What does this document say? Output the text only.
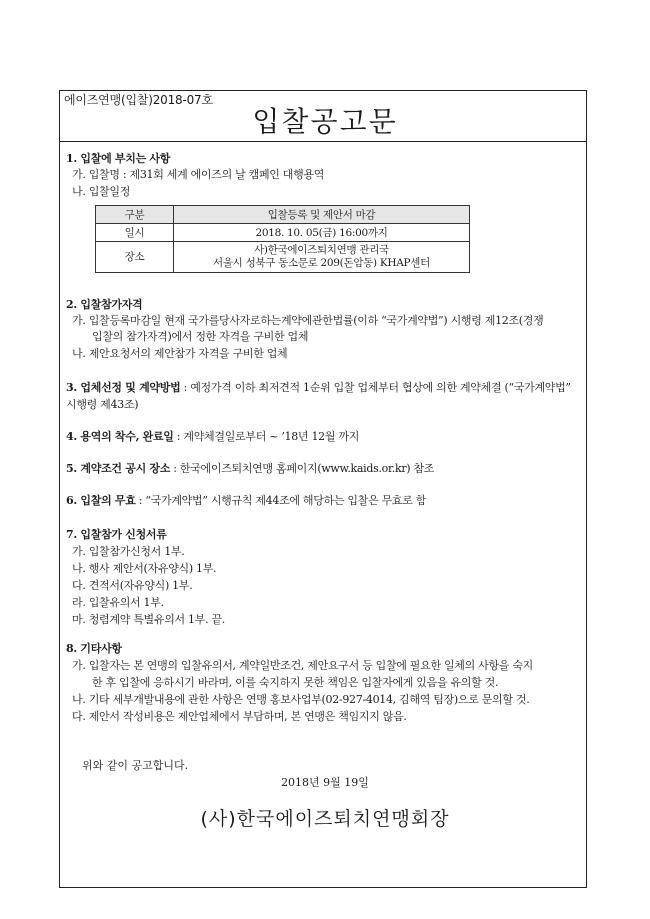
에이즈연맹(입찰)2018-07호
입찰공고문
1. 입찰에 부치는 사항
가. 입찰명 : 제31회 세계 에이즈의 날 캠페인 대행용역
나. 입찰일정
구분	입찰등록 및 제안서 마감
일시	2018. 10. 05(금) 16:00까지
장소	사)한국에이즈퇴치연맹 관리국
서울시 성북구 동소문로 209(돈암동) KHAP센터
2. 입찰참가자격
가. 입찰등록마감일 현재 국가를당사자로하는계약에관한법률(이하 “국가계약법”) 시행령 제12조(경쟁
입찰의 참가자격)에서 정한 자격을 구비한 업체
나. 제안요청서의 제안참가 자격을 구비한 업체
3. 업체선정 및 계약방법 : 예정가격 이하 최저견적 1순위 입찰 업체부터 협상에 의한 계약체결 (“국가계약법” 시행령 제43조)
4. 용역의 착수, 완료일 : 계약체결일로부터 ~ ’18년 12월 까지
5. 계약조건 공시 장소 : 한국에이즈퇴치연맹 홈페이지(www.kaids.or.kr) 참조
6. 입찰의 무효 : “국가계약법” 시행규칙 제44조에 해당하는 입찰은 무효로 함
7. 입찰참가 신청서류
가. 입찰참가신청서 1부.
나. 행사 제안서(자유양식) 1부.
다. 견적서(자유양식) 1부.
라. 입찰유의서 1부.
마. 청렴계약 특별유의서 1부. 끝.
8. 기타사항
가. 입찰자는 본 연맹의 입찰유의서, 계약일반조건, 제안요구서 등 입찰에 필요한 일체의 사항을 숙지
한 후 입찰에 응하시기 바라며, 이를 숙지하지 못한 책임은 입찰자에게 있음을 유의할 것.
나. 기타 세부개발내용에 관한 사항은 연맹 홍보사업부(02-927-4014, 김해역 팀장)으로 문의할 것.
다. 제안서 작성비용은 제안업체에서 부담하며, 본 연맹은 책임지지 않음.
위와 같이 공고합니다.
2018년 9월 19일
(사)한국에이즈퇴치연맹회장
